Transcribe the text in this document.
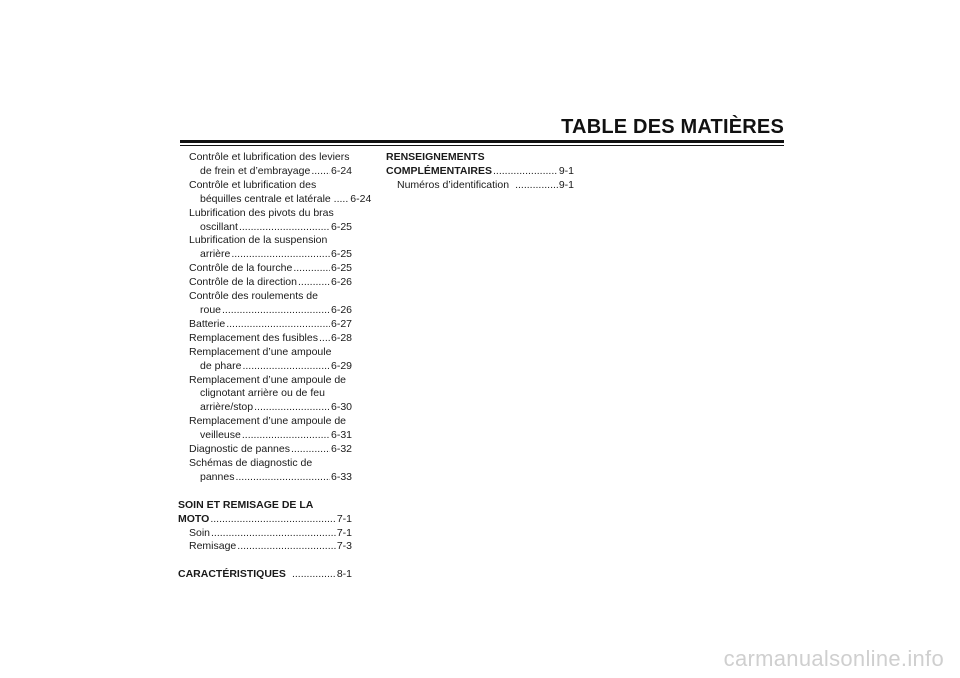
TABLE DES MATIÈRES
Contrôle et lubrification des leviers
de frein et d’embrayage ..... 6-24
Contrôle et lubrification des
béquilles centrale et latérale ..... 6-24
Lubrification des pivots du bras
oscillant .....	6-25
Lubrification de la suspension
arrière .....	6-25
Contrôle de la fourche .....	6-25
Contrôle de la direction .....	6-26
Contrôle des roulements de
roue .....	6-26
Batterie .....	6-27
Remplacement des fusibles ..... 6-28
Remplacement d’une ampoule
de phare .....	6-29
Remplacement d’une ampoule de
clignotant arrière ou de feu
arrière/stop .....	6-30
Remplacement d’une ampoule de
veilleuse .....	6-31
Diagnostic de pannes .....	6-32
Schémas de diagnostic de
pannes .....	6-33
SOIN ET REMISAGE DE LA
MOTO .....	7-1
Soin .....	7-1
Remisage .....	7-3
CARACTÉRISTIQUES .....	8-1
RENSEIGNEMENTS
COMPLÉMENTAIRES .....	9-1
Numéros d’identification .....	9-1
carmanualsonline.info
